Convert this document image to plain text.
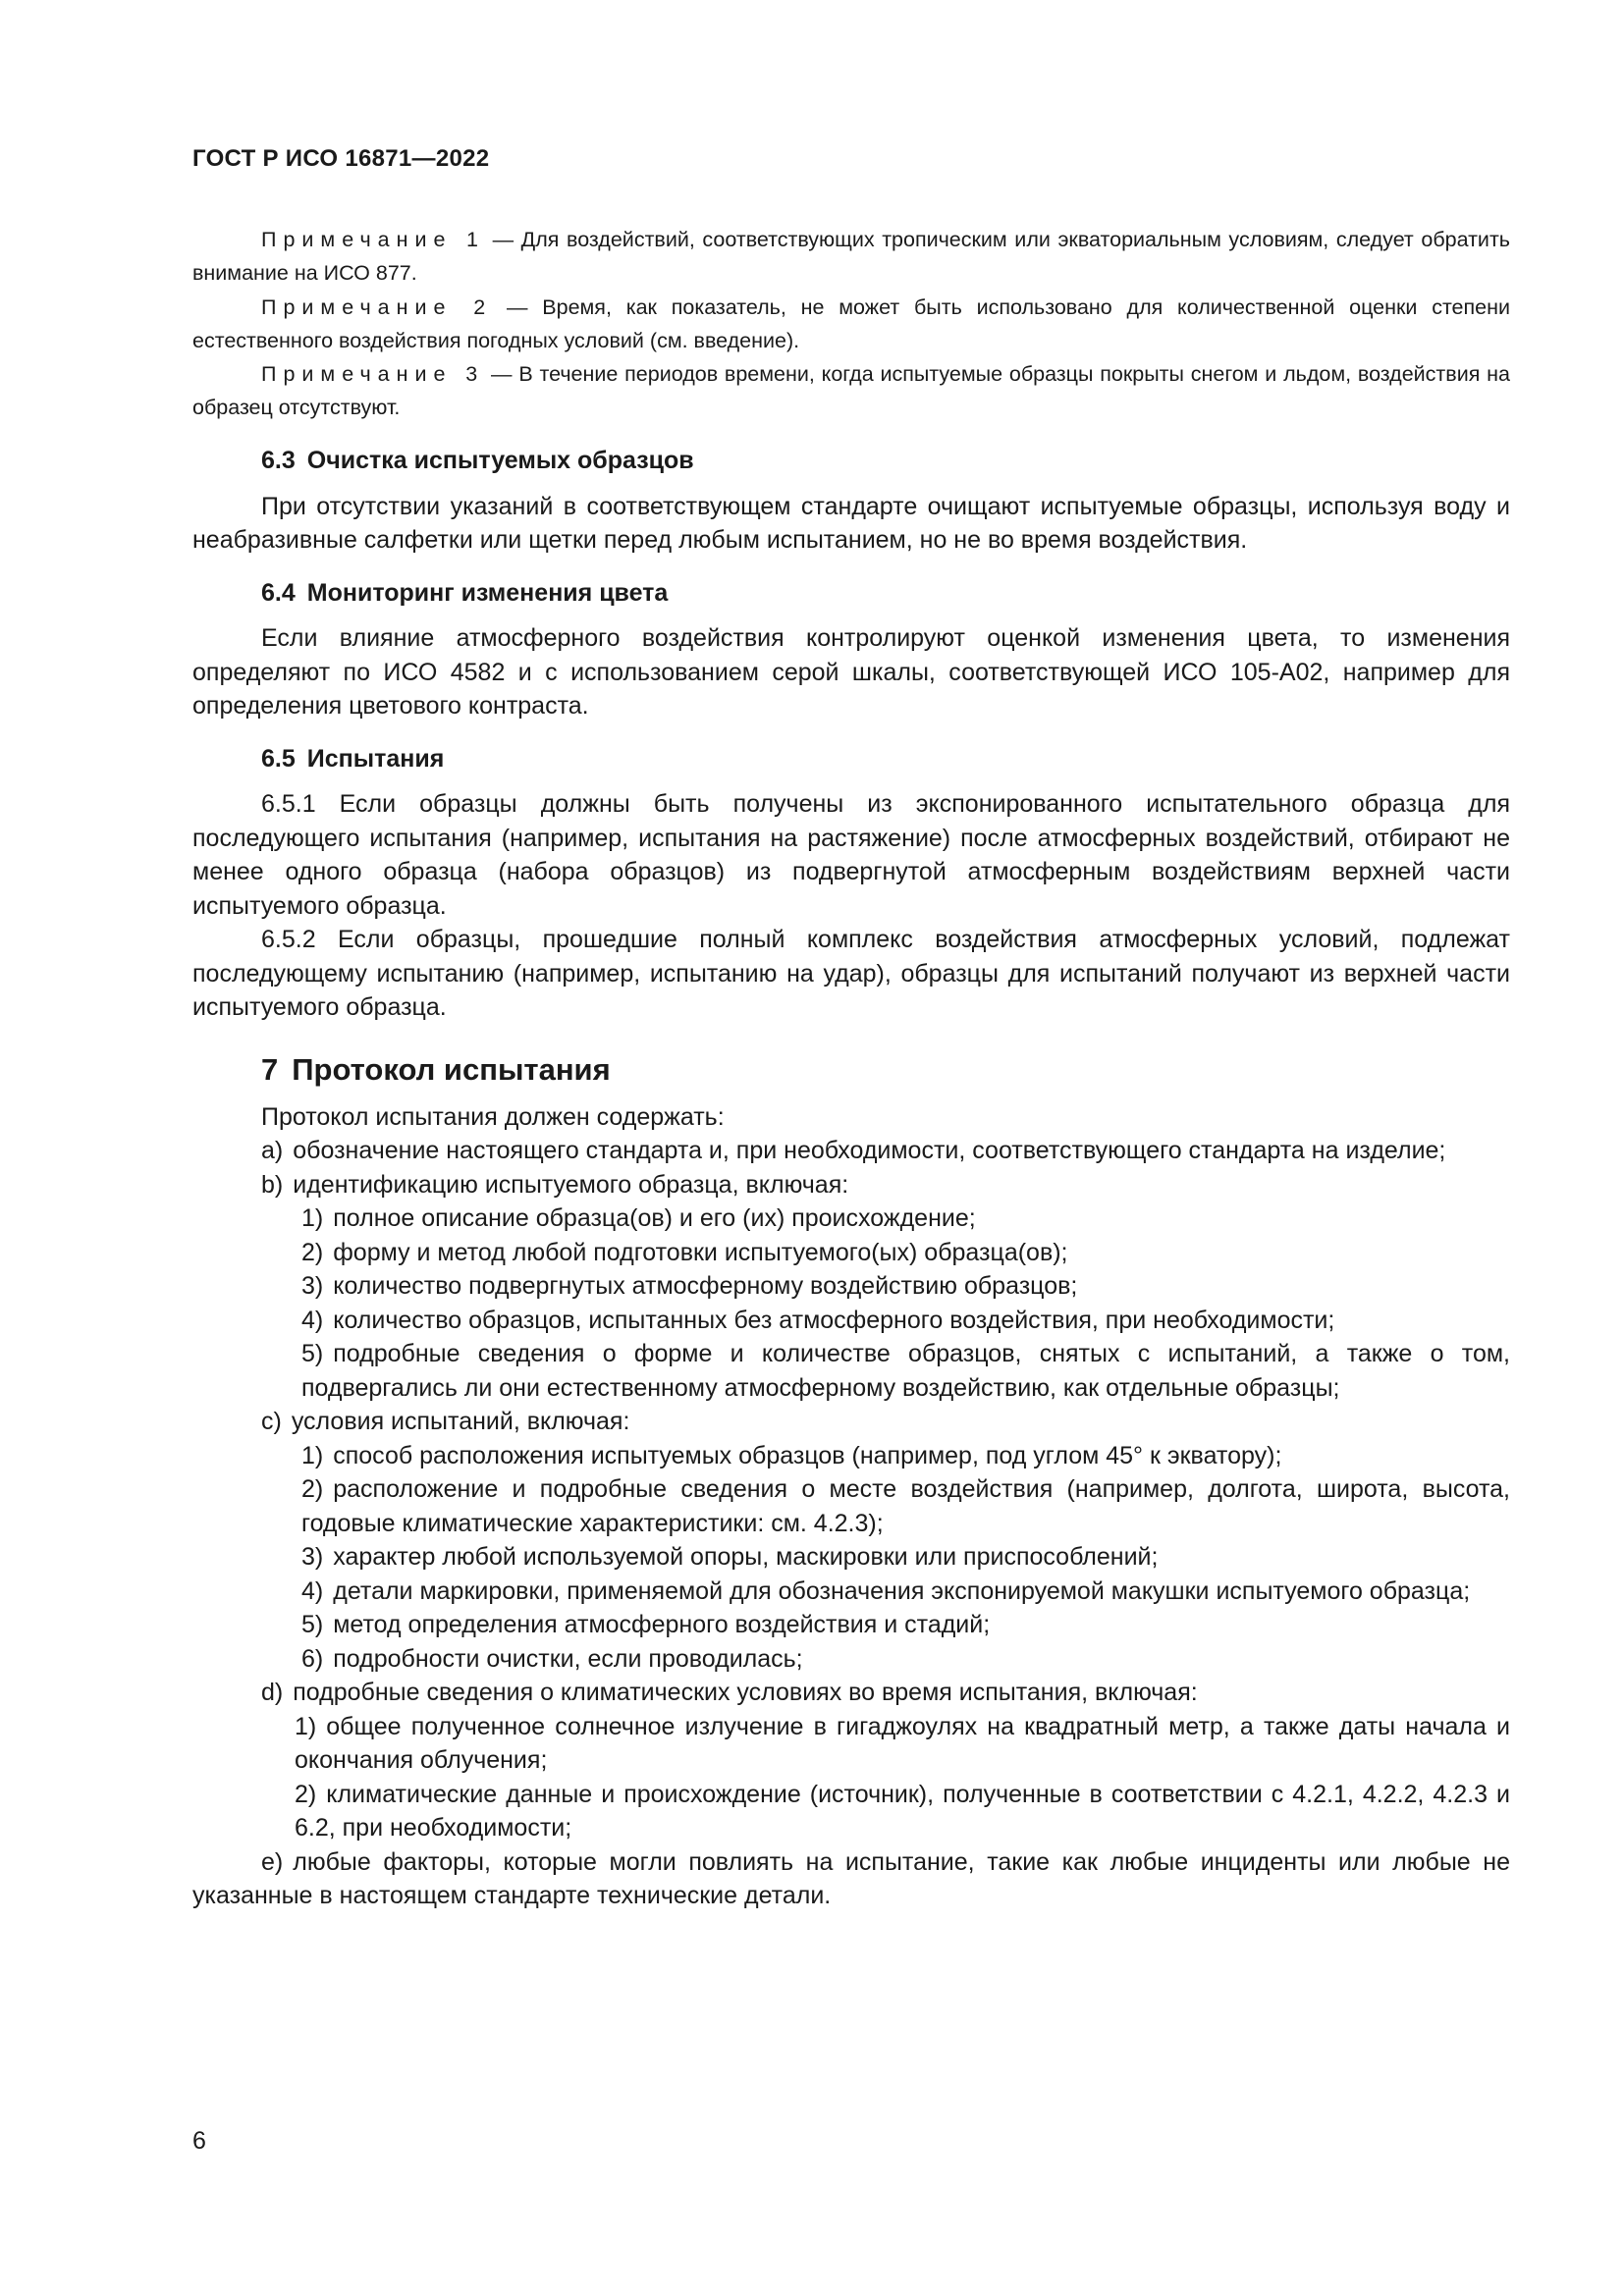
ГОСТ Р ИСО 16871—2022

Примечание 1 — Для воздействий, соответствующих тропическим или экваториальным условиям, следует обратить внимание на ИСО 877.

Примечание 2 — Время, как показатель, не может быть использовано для количественной оценки степени естественного воздействия погодных условий (см. введение).

Примечание 3 — В течение периодов времени, когда испытуемые образцы покрыты снегом и льдом, воздействия на образец отсутствуют.

6.3 Очистка испытуемых образцов

При отсутствии указаний в соответствующем стандарте очищают испытуемые образцы, используя воду и неабразивные салфетки или щетки перед любым испытанием, но не во время воздействия.

6.4 Мониторинг изменения цвета

Если влияние атмосферного воздействия контролируют оценкой изменения цвета, то изменения определяют по ИСО 4582 и с использованием серой шкалы, соответствующей ИСО 105-А02, например для определения цветового контраста.

6.5 Испытания

6.5.1 Если образцы должны быть получены из экспонированного испытательного образца для последующего испытания (например, испытания на растяжение) после атмосферных воздействий, отбирают не менее одного образца (набора образцов) из подвергнутой атмосферным воздействиям верхней части испытуемого образца.

6.5.2 Если образцы, прошедшие полный комплекс воздействия атмосферных условий, подлежат последующему испытанию (например, испытанию на удар), образцы для испытаний получают из верхней части испытуемого образца.

7 Протокол испытания

Протокол испытания должен содержать:

a) обозначение настоящего стандарта и, при необходимости, соответствующего стандарта на изделие;

b) идентификацию испытуемого образца, включая:

1) полное описание образца(ов) и его (их) происхождение;

2) форму и метод любой подготовки испытуемого(ых) образца(ов);

3) количество подвергнутых атмосферному воздействию образцов;

4) количество образцов, испытанных без атмосферного воздействия, при необходимости;

5) подробные сведения о форме и количестве образцов, снятых с испытаний, а также о том, подвергались ли они естественному атмосферному воздействию, как отдельные образцы;

c) условия испытаний, включая:

1) способ расположения испытуемых образцов (например, под углом 45° к экватору);

2) расположение и подробные сведения о месте воздействия (например, долгота, широта, высота, годовые климатические характеристики: см. 4.2.3);

3) характер любой используемой опоры, маскировки или приспособлений;

4) детали маркировки, применяемой для обозначения экспонируемой макушки испытуемого образца;

5) метод определения атмосферного воздействия и стадий;

6) подробности очистки, если проводилась;

d) подробные сведения о климатических условиях во время испытания, включая:

1) общее полученное солнечное излучение в гигаджоулях на квадратный метр, а также даты начала и окончания облучения;

2) климатические данные и происхождение (источник), полученные в соответствии с 4.2.1, 4.2.2, 4.2.3 и 6.2, при необходимости;

e) любые факторы, которые могли повлиять на испытание, такие как любые инциденты или любые не указанные в настоящем стандарте технические детали.

6
